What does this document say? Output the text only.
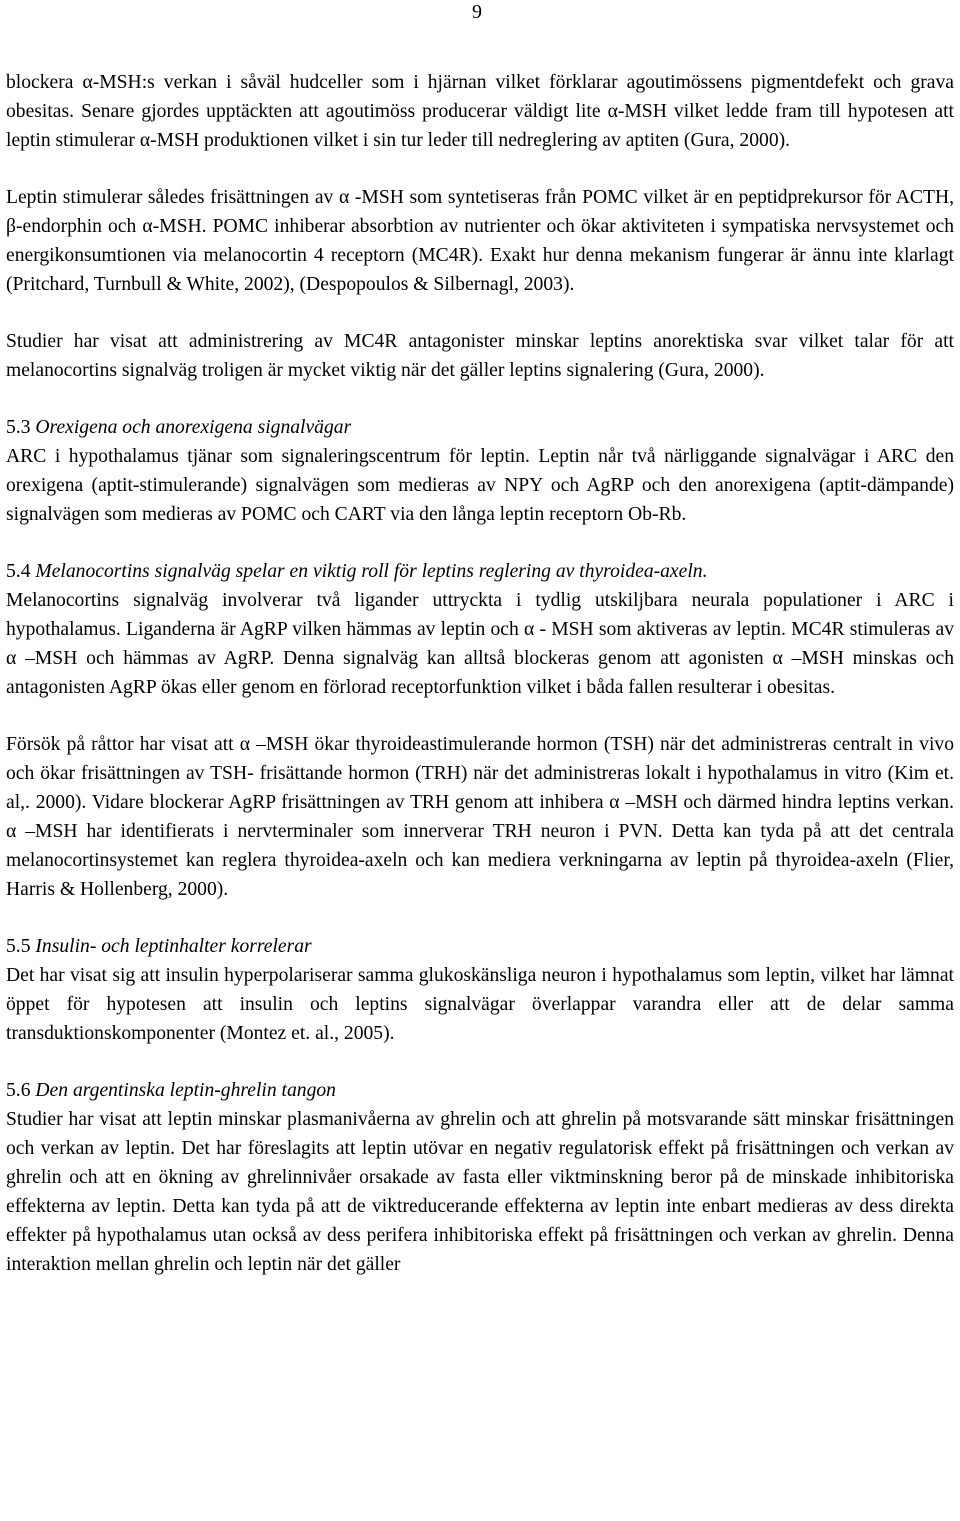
9

blockera α-MSH:s verkan i såväl hudceller som i hjärnan vilket förklarar agoutimössens pigmentdefekt och grava obesitas. Senare gjordes upptäckten att agoutimöss producerar väldigt lite α-MSH vilket ledde fram till hypotesen att leptin stimulerar α-MSH produktionen vilket i sin tur leder till nedreglering av aptiten (Gura, 2000).

Leptin stimulerar således frisättningen av α -MSH som syntetiseras från POMC vilket är en peptidprekursor för ACTH, β-endorphin och α-MSH. POMC inhiberar absorbtion av nutrienter och ökar aktiviteten i sympatiska nervsystemet och energikonsumtionen via melanocortin 4 receptorn (MC4R). Exakt hur denna mekanism fungerar är ännu inte klarlagt (Pritchard, Turnbull & White, 2002), (Despopoulos & Silbernagl, 2003).

Studier har visat att administrering av MC4R antagonister minskar leptins anorektiska svar vilket talar för att melanocortins signalväg troligen är mycket viktig när det gäller leptins signalering (Gura, 2000).

5.3 Orexigena och anorexigena signalvägar

ARC i hypothalamus tjänar som signaleringscentrum för leptin. Leptin når två närliggande signalvägar i ARC den orexigena (aptit-stimulerande) signalvägen som medieras av NPY och AgRP och den anorexigena (aptit-dämpande) signalvägen som medieras av POMC och CART via den långa leptin receptorn Ob-Rb.

5.4 Melanocortins signalväg spelar en viktig roll för leptins reglering av thyroidea-axeln.

Melanocortins signalväg involverar två ligander uttryckta i tydlig utskiljbara neurala populationer i ARC i hypothalamus. Liganderna är AgRP vilken hämmas av leptin och α - MSH som aktiveras av leptin. MC4R stimuleras av α –MSH och hämmas av AgRP. Denna signalväg kan alltså blockeras genom att agonisten α –MSH minskas och antagonisten AgRP ökas eller genom en förlorad receptorfunktion vilket i båda fallen resulterar i obesitas.

Försök på råttor har visat att α –MSH ökar thyroideastimulerande hormon (TSH) när det administreras centralt in vivo och ökar frisättningen av TSH- frisättande hormon (TRH) när det administreras lokalt i hypothalamus in vitro (Kim et. al,. 2000). Vidare blockerar AgRP frisättningen av TRH genom att inhibera α –MSH och därmed hindra leptins verkan. α –MSH har identifierats i nervterminaler som innerverar TRH neuron i PVN. Detta kan tyda på att det centrala melanocortinsystemet kan reglera thyroidea-axeln och kan mediera verkningarna av leptin på thyroidea-axeln (Flier, Harris & Hollenberg, 2000).

5.5 Insulin- och leptinhalter korrelerar

Det har visat sig att insulin hyperpolariserar samma glukoskänsliga neuron i hypothalamus som leptin, vilket har lämnat öppet för hypotesen att insulin och leptins signalvägar överlappar varandra eller att de delar samma transduktionskomponenter (Montez et. al., 2005).

5.6 Den argentinska leptin-ghrelin tangon

Studier har visat att leptin minskar plasmanivåerna av ghrelin och att ghrelin på motsvarande sätt minskar frisättningen och verkan av leptin. Det har föreslagits att leptin utövar en negativ regulatorisk effekt på frisättningen och verkan av ghrelin och att en ökning av ghrelinnivåer orsakade av fasta eller viktminskning beror på de minskade inhibitoriska effekterna av leptin. Detta kan tyda på att de viktreducerande effekterna av leptin inte enbart medieras av dess direkta effekter på hypothalamus utan också av dess perifera inhibitoriska effekt på frisättningen och verkan av ghrelin. Denna interaktion mellan ghrelin och leptin när det gäller
